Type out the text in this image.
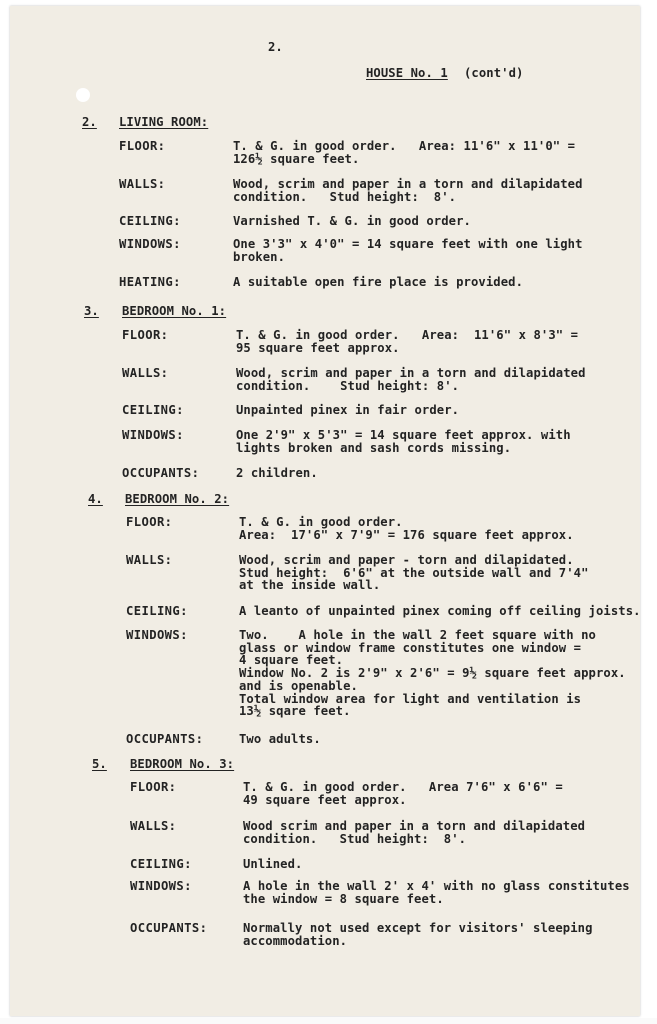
2.
HOUSE No. 1 (cont'd)
2. LIVING ROOM:
FLOOR:	T. & G. in good order.   Area: 11'6" x 11'0" =
126½ square feet.
WALLS:	Wood, scrim and paper in a torn and dilapidated
condition.   Stud height:  8'.
CEILING:	Varnished T. & G. in good order.
WINDOWS:	One 3'3" x 4'0" = 14 square feet with one light
broken.
HEATING:	A suitable open fire place is provided.
3. BEDROOM No. 1:
FLOOR:	T. & G. in good order.   Area:  11'6" x 8'3" =
95 square feet approx.
WALLS:	Wood, scrim and paper in a torn and dilapidated
condition.    Stud height: 8'.
CEILING:	Unpainted pinex in fair order.
WINDOWS:	One 2'9" x 5'3" = 14 square feet approx. with
lights broken and sash cords missing.
OCCUPANTS:	2 children.
4. BEDROOM No. 2:
FLOOR:	T. & G. in good order.
Area:  17'6" x 7'9" = 176 square feet approx.
WALLS:	Wood, scrim and paper - torn and dilapidated.
Stud height:  6'6" at the outside wall and 7'4"
at the inside wall.
CEILING:	A leanto of unpainted pinex coming off ceiling joists.
WINDOWS:	Two.    A hole in the wall 2 feet square with no
glass or window frame constitutes one window =
4 square feet.
Window No. 2 is 2'9" x 2'6" = 9½ square feet approx.
and is openable.
Total window area for light and ventilation is
13½ sqare feet.
OCCUPANTS:	Two adults.
5. BEDROOM No. 3:
FLOOR:	T. & G. in good order.   Area 7'6" x 6'6" =
49 square feet approx.
WALLS:	Wood scrim and paper in a torn and dilapidated
condition.   Stud height:  8'.
CEILING:	Unlined.
WINDOWS:	A hole in the wall 2' x 4' with no glass constitutes
the window = 8 square feet.
OCCUPANTS:	Normally not used except for visitors' sleeping
accommodation.
